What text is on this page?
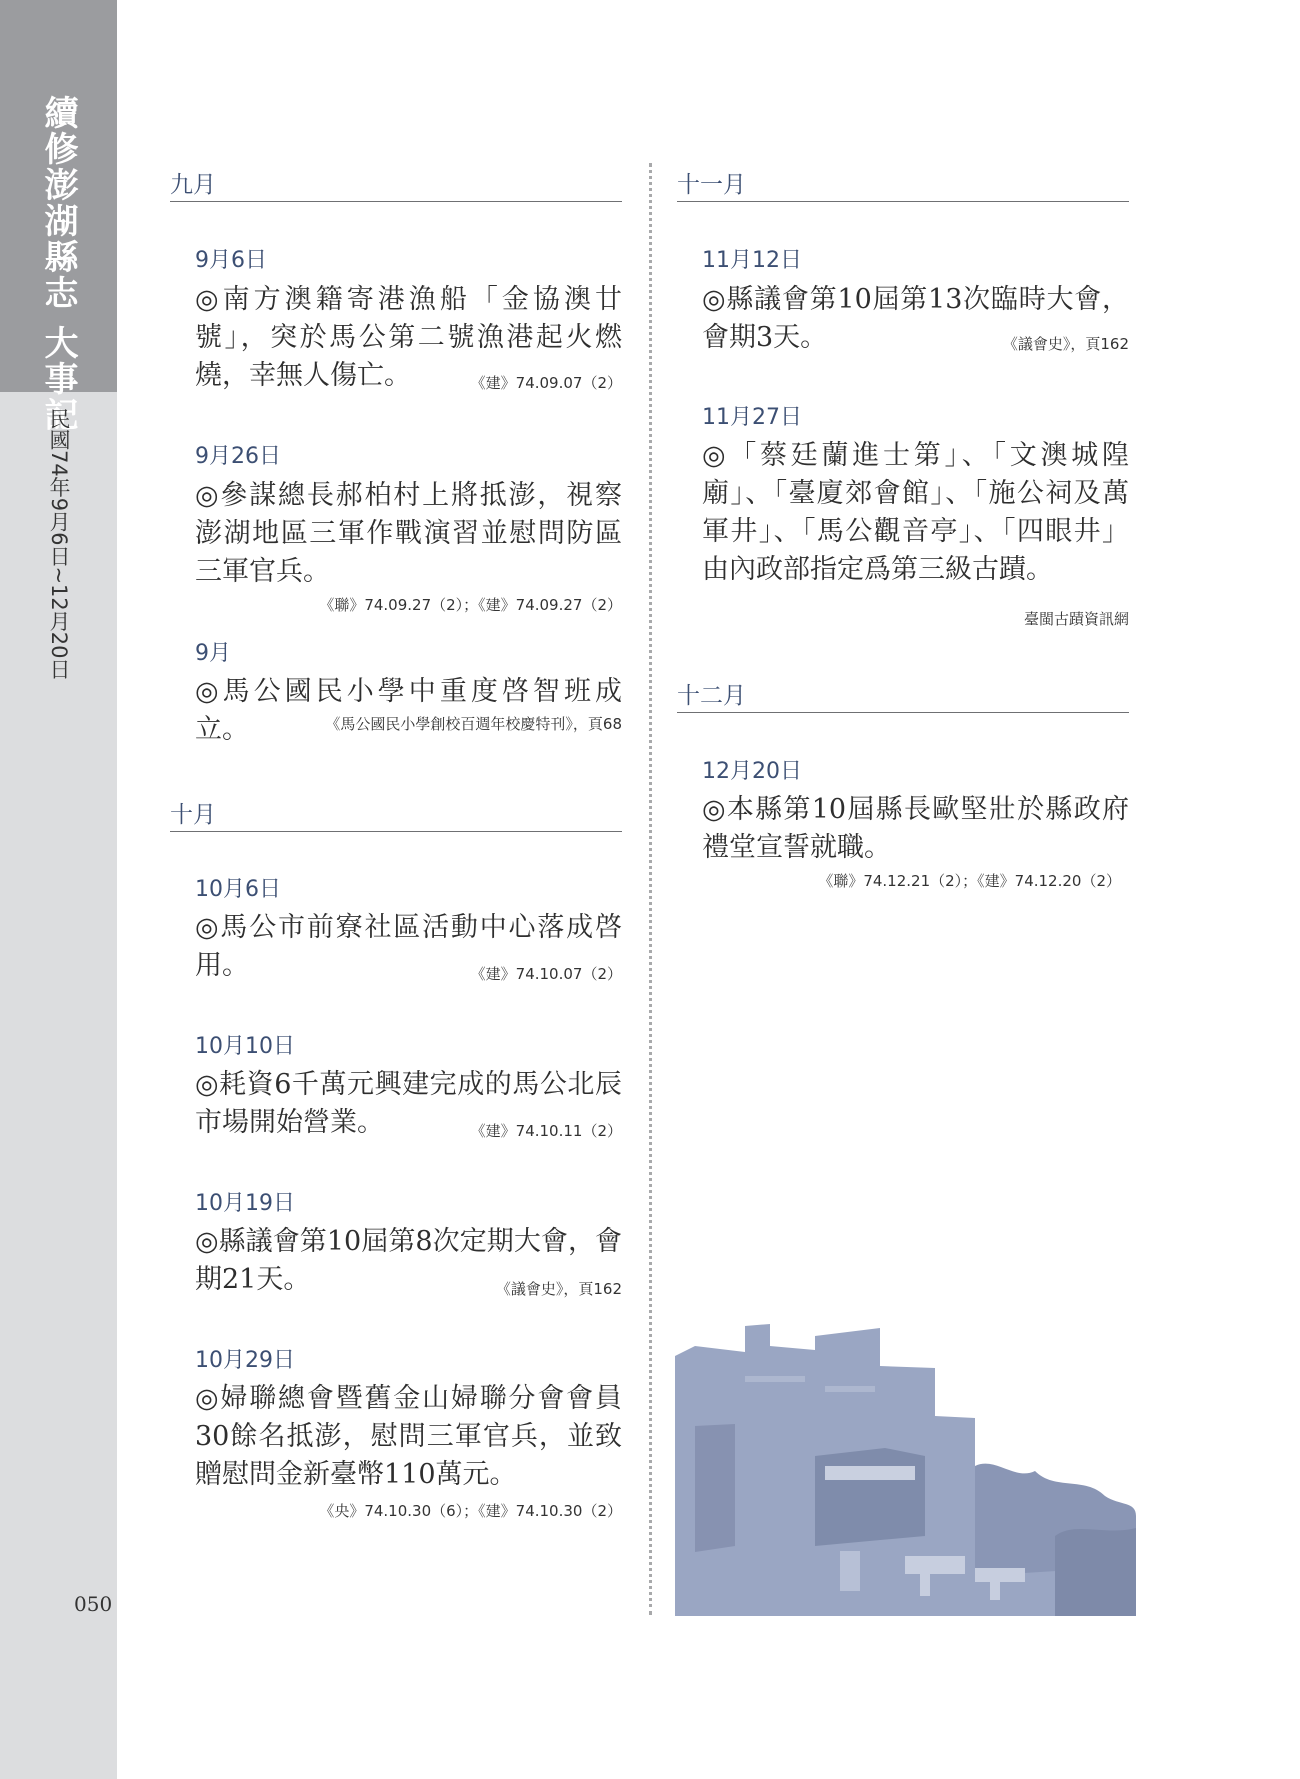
續修澎湖縣志 大事記
民國74年9月6日~12月20日
050
九月
9月6日
◎南方澳籍寄港漁船「金協澳廿號」，突於馬公第二號漁港起火燃燒，幸無人傷亡。	《建》74.09.07（2）
9月26日
◎參謀總長郝柏村上將抵澎，視察澎湖地區三軍作戰演習並慰問防區三軍官兵。
《聯》74.09.27（2）；《建》74.09.27（2）
9月
◎馬公國民小學中重度啓智班成立。	《馬公國民小學創校百週年校慶特刊》，頁68
十月
10月6日
◎馬公市前寮社區活動中心落成啓用。	《建》74.10.07（2）
10月10日
◎耗資6千萬元興建完成的馬公北辰市場開始營業。	《建》74.10.11（2）
10月19日
◎縣議會第10屆第8次定期大會，會期21天。	《議會史》，頁162
10月29日
◎婦聯總會暨舊金山婦聯分會會員30餘名抵澎，慰問三軍官兵，並致贈慰問金新臺幣110萬元。
《央》74.10.30（6）；《建》74.10.30（2）
十一月
11月12日
◎縣議會第10屆第13次臨時大會，會期3天。	《議會史》，頁162
11月27日
◎「蔡廷蘭進士第」、「文澳城隍廟」、「臺廈郊會館」、「施公祠及萬軍井」、「馬公觀音亭」、「四眼井」由內政部指定爲第三級古蹟。
臺閩古蹟資訊網
十二月
12月20日
◎本縣第10屆縣長歐堅壯於縣政府禮堂宣誓就職。
《聯》74.12.21（2）；《建》74.12.20（2）
